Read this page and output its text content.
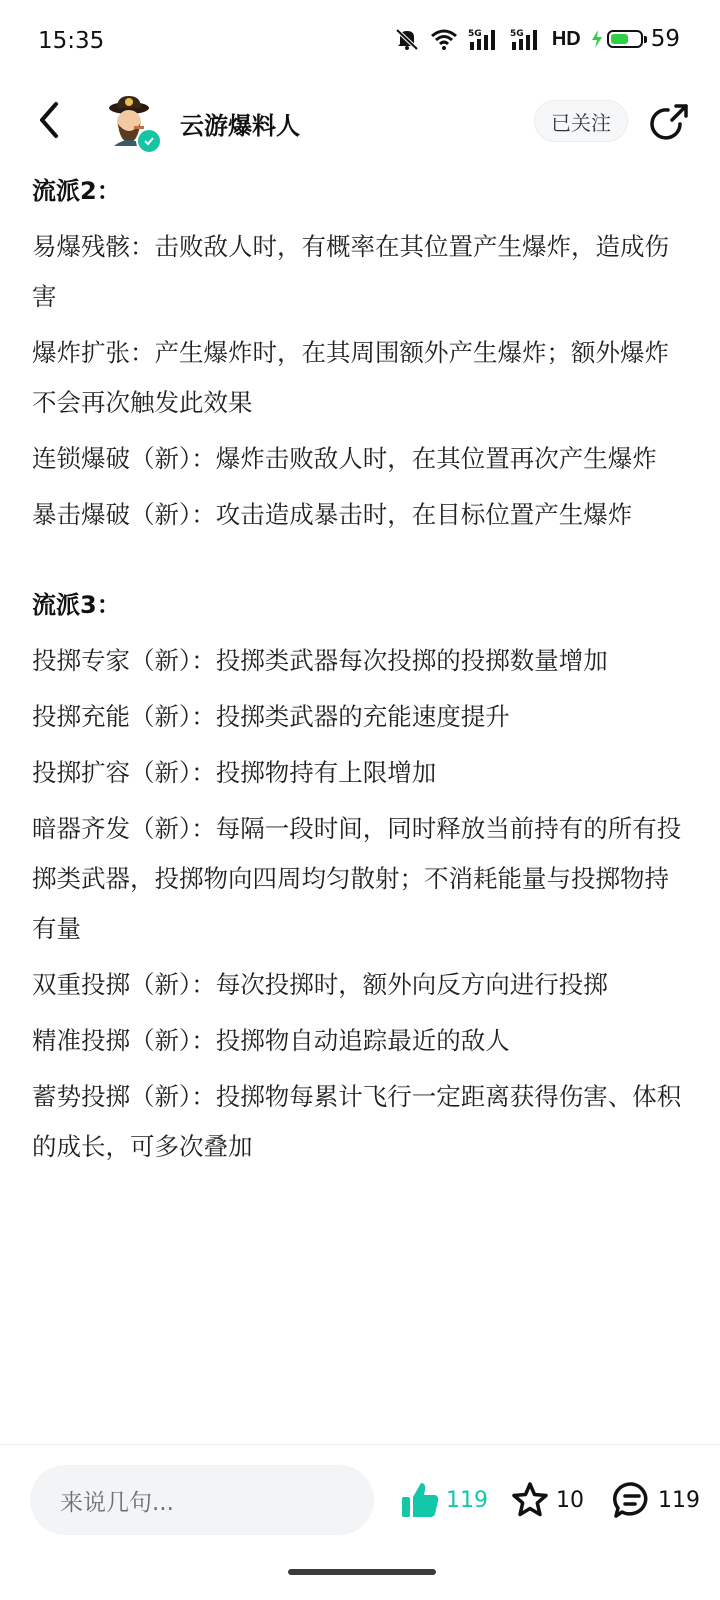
15:35	5G	5G HD	59
云游爆料人	已关注
流派2：
易爆残骸：击败敌人时，有概率在其位置产生爆炸，造成伤害
爆炸扩张：产生爆炸时，在其周围额外产生爆炸；额外爆炸不会再次触发此效果
连锁爆破（新）：爆炸击败敌人时，在其位置再次产生爆炸
暴击爆破（新）：攻击造成暴击时，在目标位置产生爆炸
流派3：
投掷专家（新）：投掷类武器每次投掷的投掷数量增加
投掷充能（新）：投掷类武器的充能速度提升
投掷扩容（新）：投掷物持有上限增加
暗器齐发（新）：每隔一段时间，同时释放当前持有的所有投掷类武器，投掷物向四周均匀散射；不消耗能量与投掷物持有量
双重投掷（新）：每次投掷时，额外向反方向进行投掷
精准投掷（新）：投掷物自动追踪最近的敌人
蓄势投掷（新）：投掷物每累计飞行一定距离获得伤害、体积的成长，可多次叠加
来说几句...	119	10	119
